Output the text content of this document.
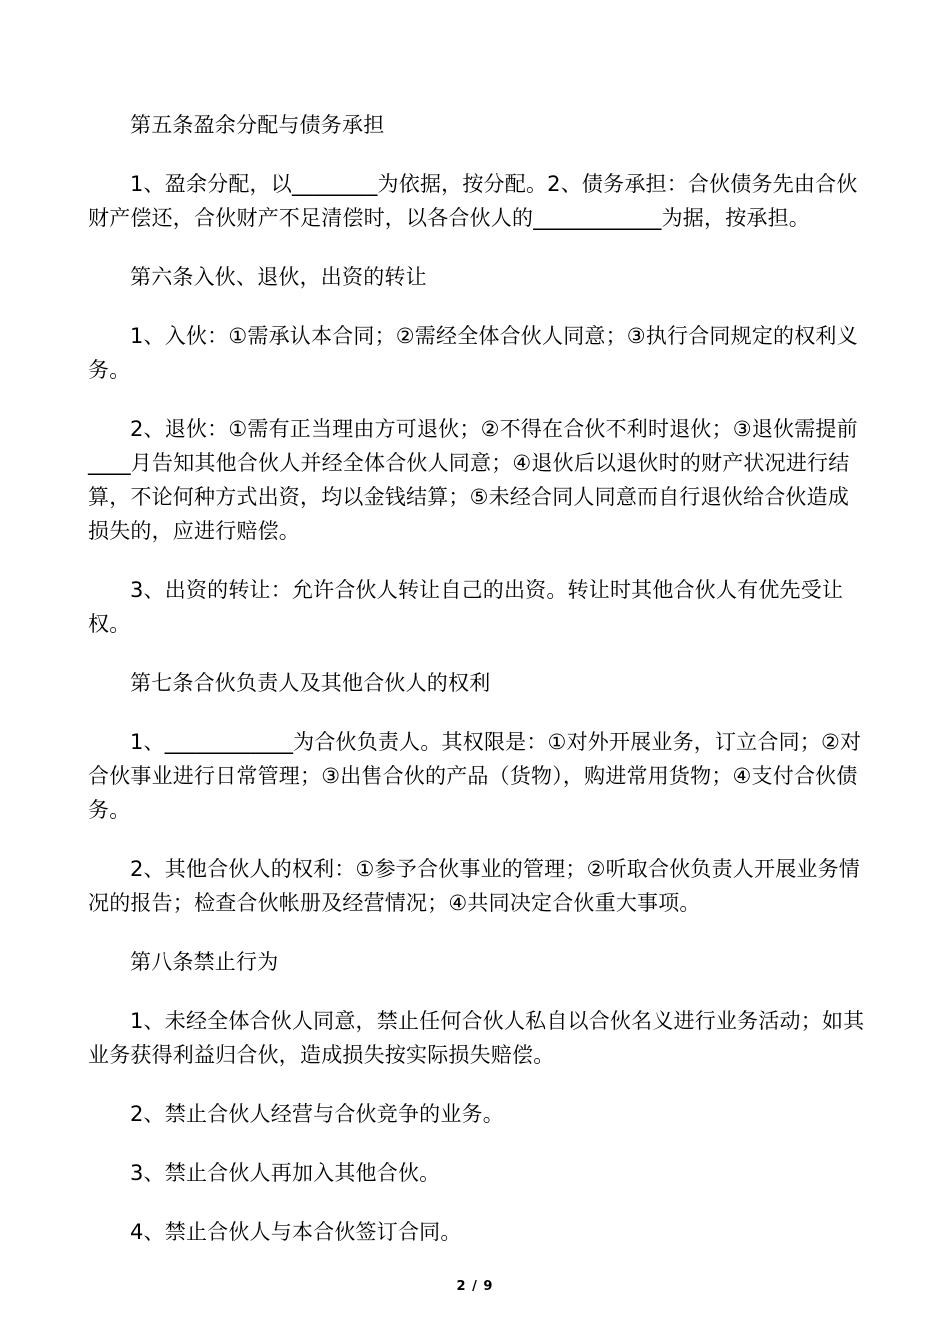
第五条盈余分配与债务承担

1、盈余分配，以________为依据，按分配。2、债务承担：合伙债务先由合伙财产偿还，合伙财产不足清偿时，以各合伙人的____________为据，按承担。

第六条入伙、退伙，出资的转让

1、入伙：①需承认本合同；②需经全体合伙人同意；③执行合同规定的权利义务。

2、退伙：①需有正当理由方可退伙；②不得在合伙不利时退伙；③退伙需提前____月告知其他合伙人并经全体合伙人同意；④退伙后以退伙时的财产状况进行结算，不论何种方式出资，均以金钱结算；⑤未经合同人同意而自行退伙给合伙造成损失的，应进行赔偿。

3、出资的转让：允许合伙人转让自己的出资。转让时其他合伙人有优先受让权。

第七条合伙负责人及其他合伙人的权利

1、____________为合伙负责人。其权限是：①对外开展业务，订立合同；②对合伙事业进行日常管理；③出售合伙的产品（货物），购进常用货物；④支付合伙债务。

2、其他合伙人的权利：①参予合伙事业的管理；②听取合伙负责人开展业务情况的报告；检查合伙帐册及经营情况；④共同决定合伙重大事项。

第八条禁止行为

1、未经全体合伙人同意，禁止任何合伙人私自以合伙名义进行业务活动；如其业务获得利益归合伙，造成损失按实际损失赔偿。

2、禁止合伙人经营与合伙竞争的业务。

3、禁止合伙人再加入其他合伙。

4、禁止合伙人与本合伙签订合同。

2 / 9
